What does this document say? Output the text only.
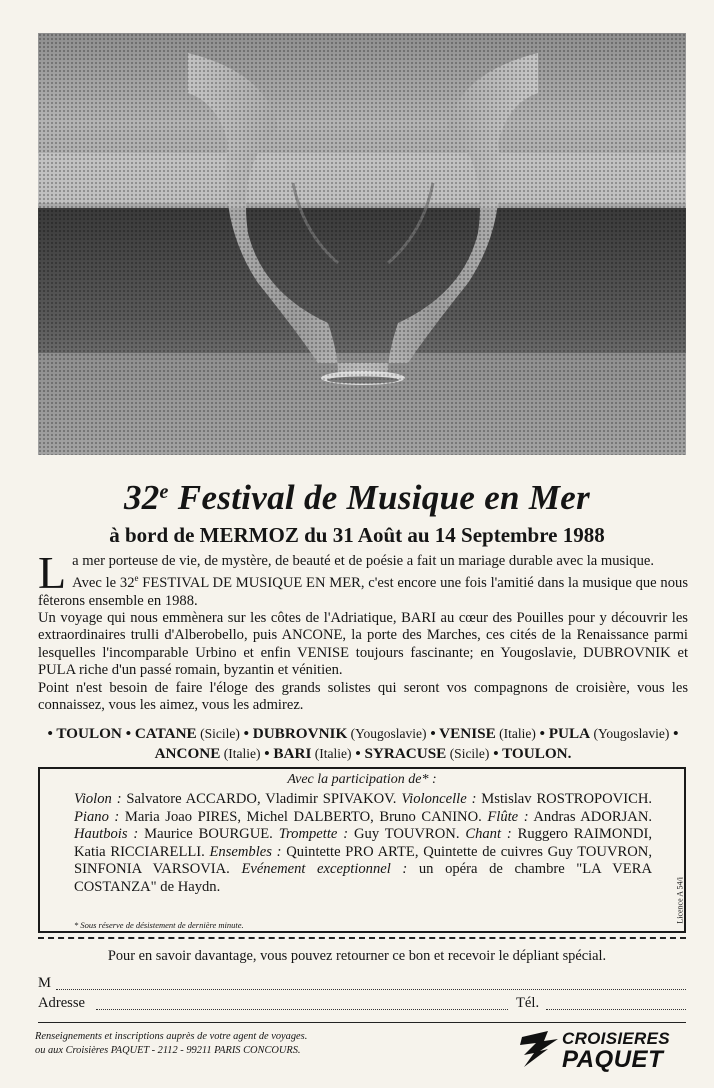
32e Festival de Musique en Mer
à bord de MERMOZ du 31 Août au 14 Septembre 1988

La mer porteuse de vie, de mystère, de beauté et de poésie a fait un mariage durable avec la musique.

Avec le 32e FESTIVAL DE MUSIQUE EN MER, c'est encore une fois l'amitié dans la musique que nous fêterons ensemble en 1988.

Un voyage qui nous emmènera sur les côtes de l'Adriatique, BARI au cœur des Pouilles pour y découvrir les extraordinaires trulli d'Alberobello, puis ANCONE, la porte des Marches, ces cités de la Renaissance parmi lesquelles l'incomparable Urbino et enfin VENISE toujours fascinante; en Yougoslavie, DUBROVNIK et PULA riche d'un passé romain, byzantin et vénitien.

Point n'est besoin de faire l'éloge des grands solistes qui seront vos compagnons de croisière, vous les connaissez, vous les aimez, vous les admirez.

• TOULON • CATANE (Sicile) • DUBROVNIK (Yougoslavie) • VENISE (Italie) • PULA (Yougoslavie) • ANCONE (Italie) • BARI (Italie) • SYRACUSE (Sicile) • TOULON.
Avec la participation de* :
Violon : Salvatore ACCARDO, Vladimir SPIVAKOV. Violoncelle : Mstislav ROSTROPOVICH. Piano : Maria Joao PIRES, Michel DALBERTO, Bruno CANINO. Flûte : Andras ADORJAN. Hautbois : Maurice BOURGUE. Trompette : Guy TOUVRON. Chant : Ruggero RAIMONDI, Katia RICCIARELLI. Ensembles : Quintette PRO ARTE, Quintette de cuivres Guy TOUVRON, SINFONIA VARSOVIA. Evénement exceptionnel : un opéra de chambre "LA VERA COSTANZA" de Haydn.
* Sous réserve de désistement de dernière minute.
Licence A 54/i
Pour en savoir davantage, vous pouvez retourner ce bon et recevoir le dépliant spécial.
M
Adresse	Tél.
Renseignements et inscriptions auprès de votre agent de voyages.
ou aux Croisières PAQUET - 2112 - 99211 PARIS CONCOURS.
CROISIERES
PAQUET
